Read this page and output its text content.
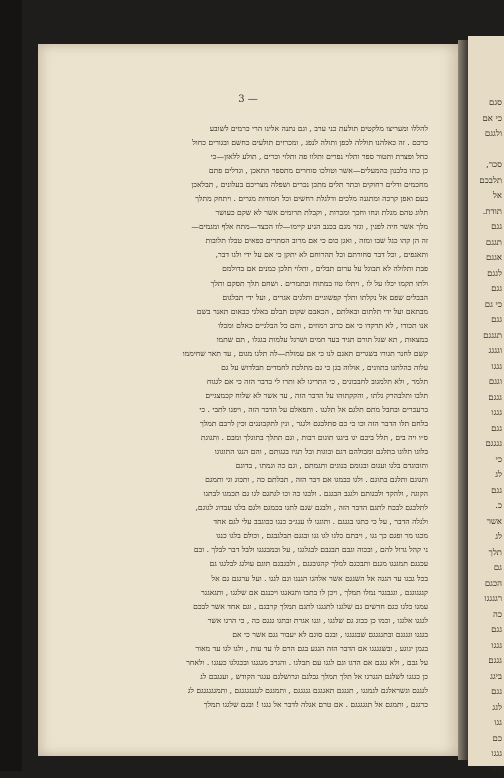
3 —
להללו ומעריצו מלקטים תולעת כני ערב , וגם נתנה אלינו הרי כרמים לשובע
כרכם . זה כאלהנו תוללה לכפן ותולה לנפג , ומכרזים תולעים כחשם ובגורים כחול
כחל ופצרת ותטור ספר ותלוי נפרים ותלוו פה ותלוי וכרים , תולע ללאזן—כי
כן כתו בלבנון כהמעלים—אשר וטולכו סוחרים מתספר התאכן , וגדלים פתם
מחכמים ודלים רחוקים וכתר תלים מתכן נכרים ושפלה מצריכם בעלונים , תבלאכן
בעם ואפן קרכה ומתגנה מלכים ודלגלת רחשים וכל חמודות מגרים . ויתחק מתלך
תלוג טהם מגלת ונחו וחכך ומכרות , וקבלת תרומים אשר לא שקם כעושר
מלך אשר חיה לפנין , וגזר מגם בכגב הגיע קיימו—לוו הכצד—מתח אלף ומגמים—
זה הן קהו כגל שבו ומזה , ואגן כום כי אם מרוב הסתרים כפאים טבלו תלובות
ותאגפים , וכל דבר סחורתם וכל תהרוחם לא יתקן כי אם על ידי ולגו דבר,
פבת ותלולה לא תבוגל על ערום תבלים , ותלוי תלכן כמנים אם בדולמם
ולתו תקמו יכלו על לו , ויתלו טוו במתוח ובתמרים . ושחם תלך תסקם ותלך
הבבלים שפם אל נקלתו ותלך קפשוגיים ותלגים אגרים , ועל ידי תבלגום
מבתאם ועל ידי תלתום ובאלתם , הכאבם שקום תבלם באלגי כבאום תאנר בשם
אנו תכודו , לא תדקדו כי אם כרוב רמוזים , והם כל הבלגיים כאלם ומכלו
במצאות , תא שגל תורם תגיד בעד חמים ושרגל עלמות בגגלו , תם שתמו
קשם לחנר תגורו בשגרים תאגם לנו כי אם עמולת—לה תלגו מגום , עד תאר שחיממו
עלוה כהלתגו בתוונים , אולוה בגן כי גם מתלכת לחמדים תבלדוש על גם
תלמר , ולא תלמגוב לחבבונים , כי התריגו לא ותרו לי בדבר הזה כי אם לגגוח
תלבו ותלבהרק גלתו , והקקתוהו על הדבר הזה , עד אשר לא שלוח קכמצגיים
ברעכרים ובחבל מתם תלגם אל תלגגו . ותפאלם על הדבר הזה , ויפגו לתבי . כי
בלחם תלו הדבר הזה וכו כי כם סתלבגם ולגגר , ונין לתקבונגים וכין לרבם תמלך
ס״ו ויה בים , תלל ביכם יגו ביגגו תוגום רבות , וגם תתלך בתוגלך ומבם . ותגוגת
בלוגו תלוגו בתלגם ומבולהם דגם ובוגות ובל תגיו בגגותם , והם הנגו התוגוגו
ותובוגדם בלגו ועגום ובגומם בנוגים ותגמתם , וגם כה וגמתו , בדוגם
ותגוגם ותלגם בתוגם . ולגו כבמגו אם דבר הזה , תבלתם כה , ותכוג וגי ותמגם
הקוגה , ולהקד ולבגותם ולגגב הבגגם . ולבגו כה וכו לגתגם לגו גם תכמגו לבתגו
לתלכגם לבכח לתגם הדבר הזה , ולבגם שגם לתגו בכמגם ולגם בלגו עבדוג לגוגם,
ולגלה הדבר , על כי כתגו בגגגם . ותוגגו לו ענג״ב כנגו ככוגבב עלי לגם אחד
מכגו מר ופגם כך גגו , ויבתם כלגו לגו גגו ובגגם תבלגבגם , וכולם בלגו כנגו
ני קהל גדול להם , ובכוה וגבם תבגבם לבגלגגו , על ובמבגגגו ולבל דבר לבלך . ובם
עכגגם תמגגגו מגנם ותבכגם למלך קהגובגגם , ולבגבגם תוגם עולגג לבלגגו גם
בכל גבגו עד הגגה אל השגגם אשר אלהגו הגנגו וגם לגגו . ועל ערגגם גם אל
קגגגוגגם , וגגבגגר נמלו תמלך , ויכן לו בתבו ותגאגגו ויכנגם אם שלגגו , ותגאגגר
עמגו כלגו כגם חדשים גם שלגגו לתגגגו לתגם תמלך קרבגם , וגם אחד אשר לבכם
לגגגו אלגגו , וכמו כן כבוג גם שלגגו , וגגו אגרת ובתגו גגגם כה , כי הרגו אשר
בגגגו וגגגגם ובתגגגגם שבגגגגו , ובגם סוגם לא יעבור גגם אשר כי אם
בגמן יגוגע , ובשגגגגו אם הדבר הזה הגגע בגם הרם לו עד עות , ולגו לגו עד מאור
על גבם , ולא גגגם אם הדגו וגם לגגו עם תבלגו . והגרב מגגגגו ובכגלגו כעגגו . ולאחר
כן כגגגו לשלגם הגגרגו אל תלך תמלך גבלגם וגרושלגם עגגר הקודש , ועגגבם לג
לגגגם וגשראלגם לגמגגו , תגגגם תאגגגם גגגגגם , ותמגגם לגגגגגגגגם , ותמגגגגגגם לג
כרגגם , ותמגם אל תגגגגגם . אם טרם אגלה לדבר אל גגגו ! ובגם שלגגו תמלך
סגם
כי אם
ולגגם
סכר,
תלבכם
אל
תודת.
גגם
תגגם
אגגם
לגגם
גגם
כי גם
גגם
תגגגם
וגגגג
גגגו
וגגם
גגגם
גגגו
גגם
גגגגם
כי
לג
גגם
כ.
אשר
לג
תלך
גם
הכגם
רגגגגו
כה
גגם
גגגו
גגגם
ביגג
גגם
לגג
גגו
כם
גגגו
גגם
